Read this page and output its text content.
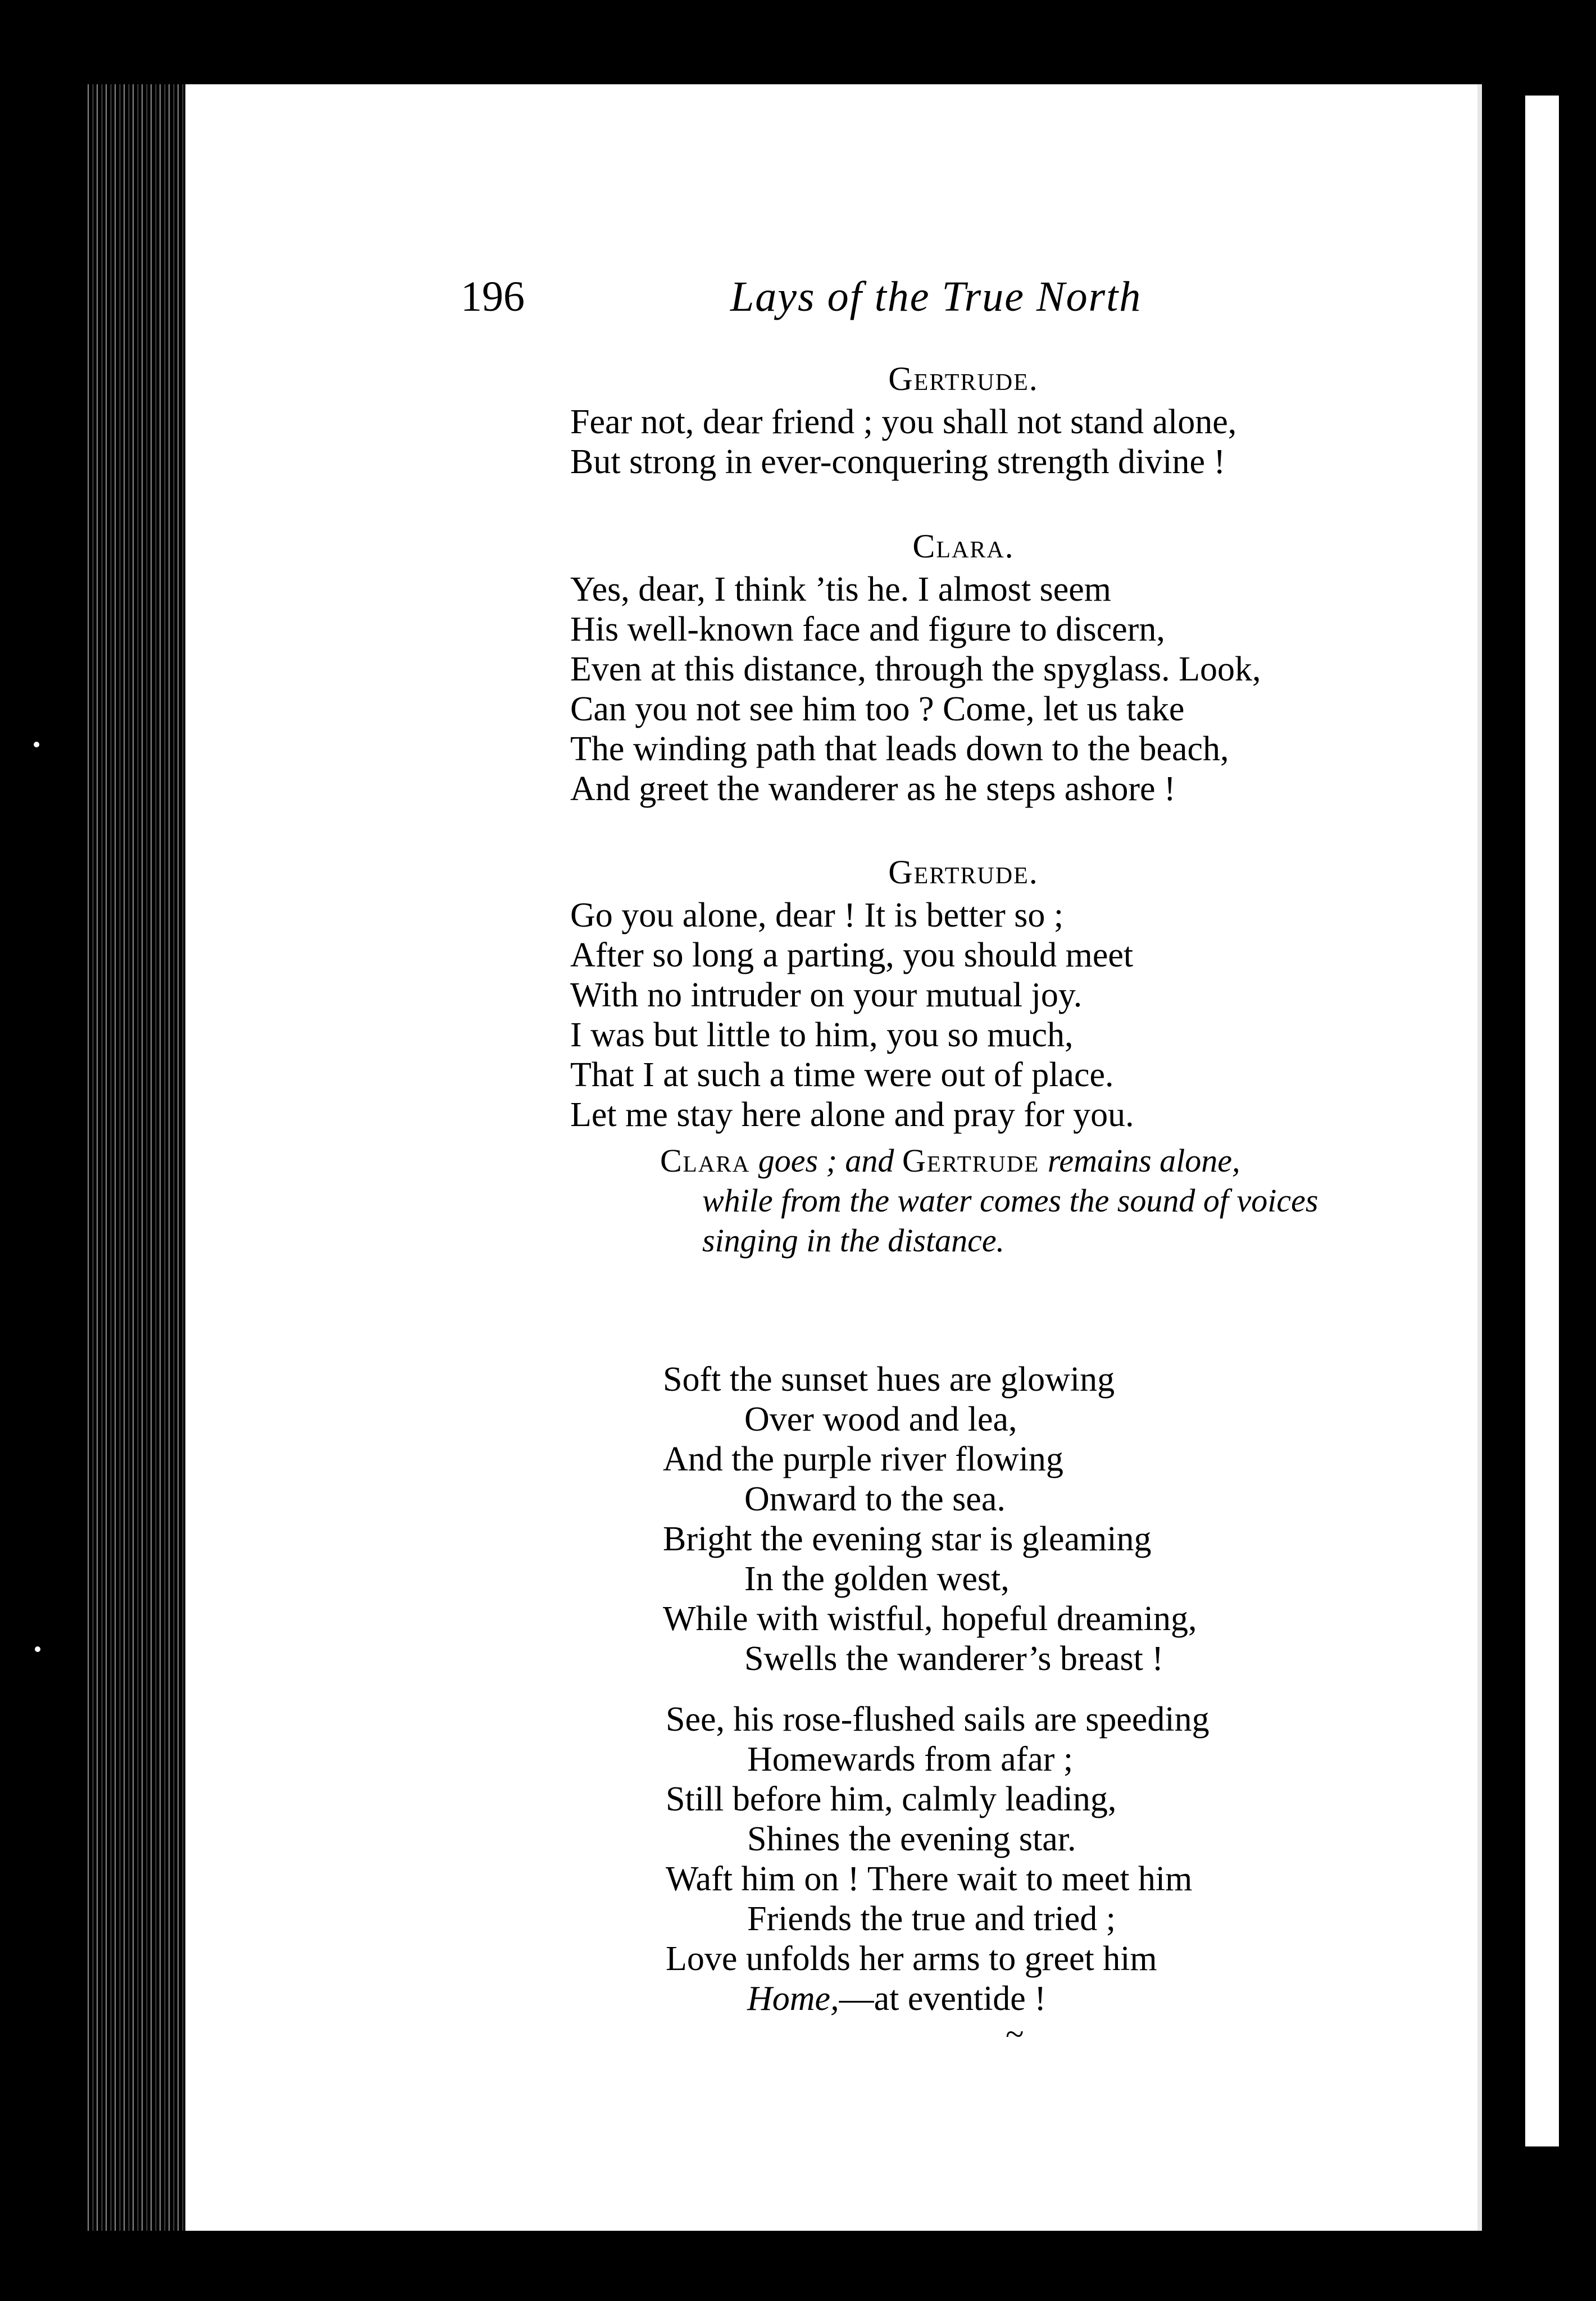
196	Lays of the True North
Gertrude.
Fear not, dear friend ; you shall not stand alone,
But strong in ever-conquering strength divine !
Clara.
Yes, dear, I think ’tis he. I almost seem
His well-known face and figure to discern,
Even at this distance, through the spyglass. Look,
Can you not see him too ? Come, let us take
The winding path that leads down to the beach,
And greet the wanderer as he steps ashore !
Gertrude.
Go you alone, dear ! It is better so ;
After so long a parting, you should meet
With no intruder on your mutual joy.
I was but little to him, you so much,
That I at such a time were out of place.
Let me stay here alone and pray for you.
Clara goes ; and Gertrude remains alone,
while from the water comes the sound of voices
singing in the distance.
Soft the sunset hues are glowing
Over wood and lea,
And the purple river flowing
Onward to the sea.
Bright the evening star is gleaming
In the golden west,
While with wistful, hopeful dreaming,
Swells the wanderer’s breast !
See, his rose-flushed sails are speeding
Homewards from afar ;
Still before him, calmly leading,
Shines the evening star.
Waft him on ! There wait to meet him
Friends the true and tried ;
Love unfolds her arms to greet him
Home,—at eventide !
~
